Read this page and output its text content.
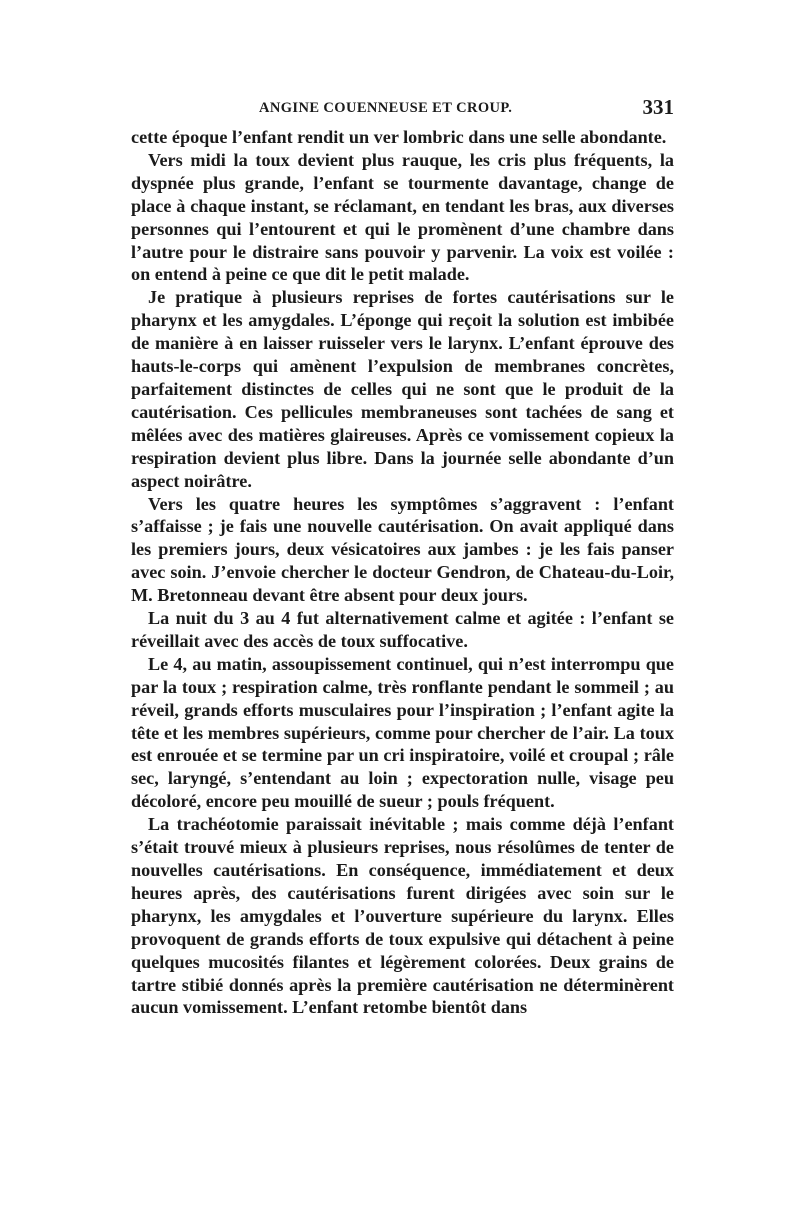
ANGINE COUENNEUSE ET CROUP.	331

cette époque l’enfant rendit un ver lombric dans une selle abondante.

Vers midi la toux devient plus rauque, les cris plus fréquents, la dyspnée plus grande, l’enfant se tourmente davantage, change de place à chaque instant, se réclamant, en tendant les bras, aux diverses personnes qui l’entourent et qui le promènent d’une chambre dans l’autre pour le distraire sans pouvoir y parvenir. La voix est voilée : on entend à peine ce que dit le petit malade.

Je pratique à plusieurs reprises de fortes cautérisations sur le pharynx et les amygdales. L’éponge qui reçoit la solution est imbibée de manière à en laisser ruisseler vers le larynx. L’enfant éprouve des hauts-le-corps qui amènent l’expulsion de membranes concrètes, parfaitement distinctes de celles qui ne sont que le produit de la cautérisation. Ces pellicules membraneuses sont tachées de sang et mêlées avec des matières glaireuses. Après ce vomissement copieux la respiration devient plus libre. Dans la journée selle abondante d’un aspect noirâtre.

Vers les quatre heures les symptômes s’aggravent : l’enfant s’affaisse ; je fais une nouvelle cautérisation. On avait appliqué dans les premiers jours, deux vésicatoires aux jambes : je les fais panser avec soin. J’envoie chercher le docteur Gendron, de Chateau-du-Loir, M. Bretonneau devant être absent pour deux jours.

La nuit du 3 au 4 fut alternativement calme et agitée : l’enfant se réveillait avec des accès de toux suffocative.

Le 4, au matin, assoupissement continuel, qui n’est interrompu que par la toux ; respiration calme, très ronflante pendant le sommeil ; au réveil, grands efforts musculaires pour l’inspiration ; l’enfant agite la tête et les membres supérieurs, comme pour chercher de l’air. La toux est enrouée et se termine par un cri inspiratoire, voilé et croupal ; râle sec, laryngé, s’entendant au loin ; expectoration nulle, visage peu décoloré, encore peu mouillé de sueur ; pouls fréquent.

La trachéotomie paraissait inévitable ; mais comme déjà l’enfant s’était trouvé mieux à plusieurs reprises, nous résolûmes de tenter de nouvelles cautérisations. En conséquence, immédiatement et deux heures après, des cautérisations furent dirigées avec soin sur le pharynx, les amygdales et l’ouverture supérieure du larynx. Elles provoquent de grands efforts de toux expulsive qui détachent à peine quelques mucosités filantes et légèrement colorées. Deux grains de tartre stibié donnés après la première cautérisation ne déterminèrent aucun vomissement. L’enfant retombe bientôt dans
